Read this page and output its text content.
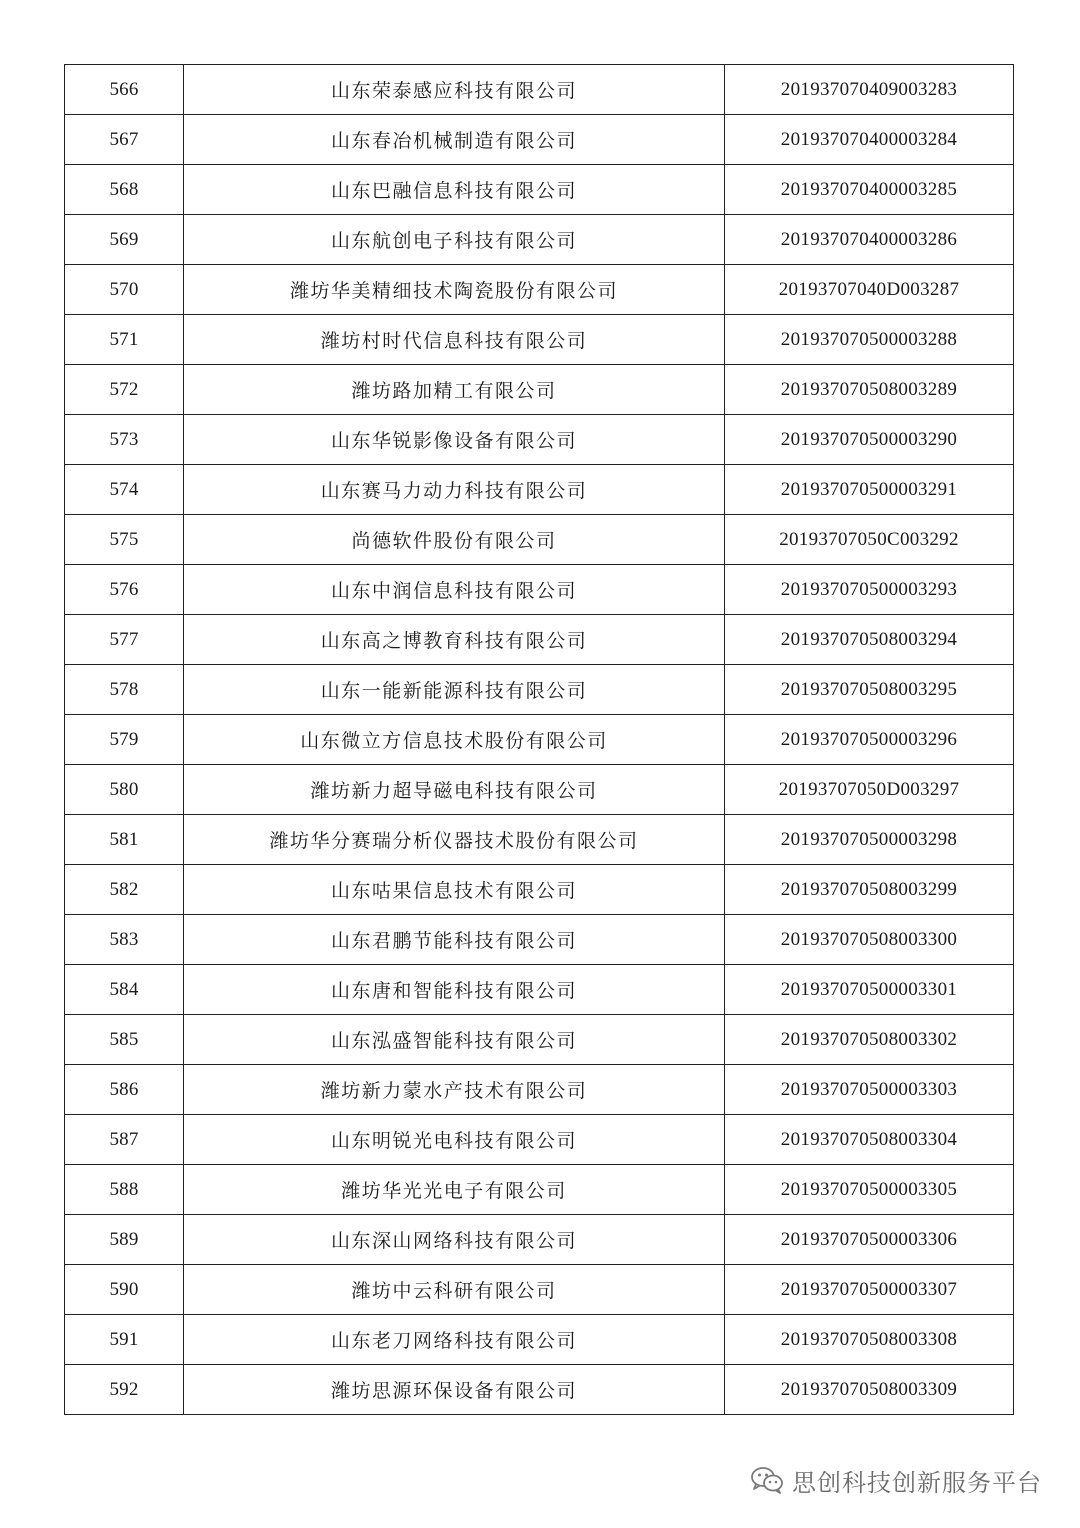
566	山东荣泰感应科技有限公司	201937070409003283
567	山东春冶机械制造有限公司	201937070400003284
568	山东巴融信息科技有限公司	201937070400003285
569	山东航创电子科技有限公司	201937070400003286
570	潍坊华美精细技术陶瓷股份有限公司	20193707040D003287
571	潍坊村时代信息科技有限公司	201937070500003288
572	潍坊路加精工有限公司	201937070508003289
573	山东华锐影像设备有限公司	201937070500003290
574	山东赛马力动力科技有限公司	201937070500003291
575	尚德软件股份有限公司	20193707050C003292
576	山东中润信息科技有限公司	201937070500003293
577	山东高之博教育科技有限公司	201937070508003294
578	山东一能新能源科技有限公司	201937070508003295
579	山东微立方信息技术股份有限公司	201937070500003296
580	潍坊新力超导磁电科技有限公司	20193707050D003297
581	潍坊华分赛瑞分析仪器技术股份有限公司	201937070500003298
582	山东咕果信息技术有限公司	201937070508003299
583	山东君鹏节能科技有限公司	201937070508003300
584	山东唐和智能科技有限公司	201937070500003301
585	山东泓盛智能科技有限公司	201937070508003302
586	潍坊新力蒙水产技术有限公司	201937070500003303
587	山东明锐光电科技有限公司	201937070508003304
588	潍坊华光光电子有限公司	201937070500003305
589	山东深山网络科技有限公司	201937070500003306
590	潍坊中云科研有限公司	201937070500003307
591	山东老刀网络科技有限公司	201937070508003308
592	潍坊思源环保设备有限公司	201937070508003309
思创科技创新服务平台
